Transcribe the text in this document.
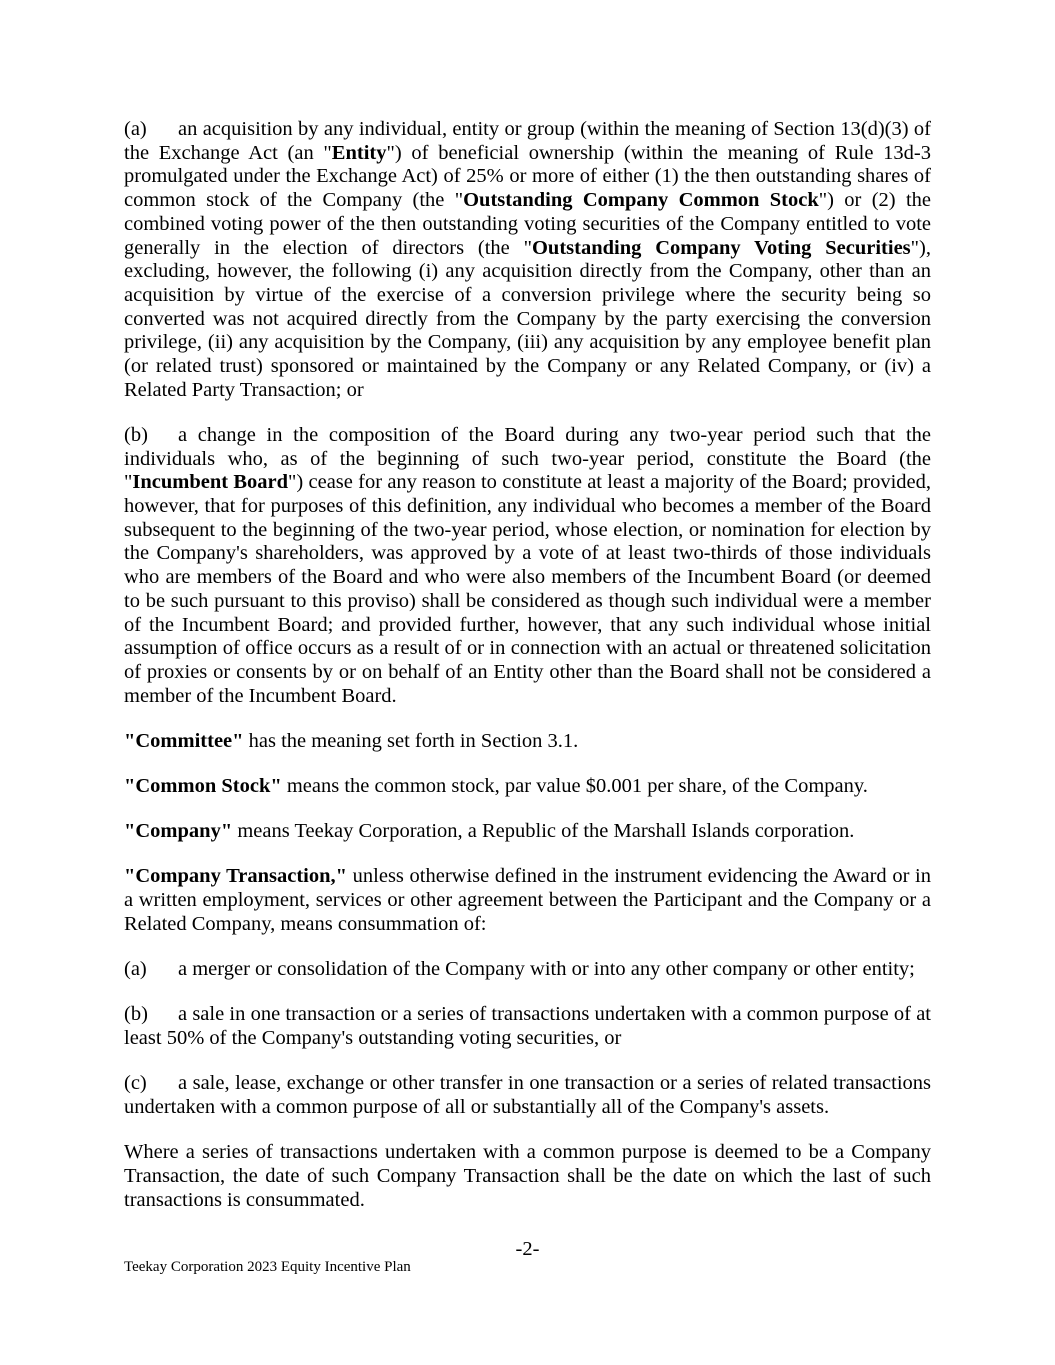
(a) an acquisition by any individual, entity or group (within the meaning of Section 13(d)(3) of the Exchange Act (an "Entity") of beneficial ownership (within the meaning of Rule 13d-3 promulgated under the Exchange Act) of 25% or more of either (1) the then outstanding shares of common stock of the Company (the "Outstanding Company Common Stock") or (2) the combined voting power of the then outstanding voting securities of the Company entitled to vote generally in the election of directors (the "Outstanding Company Voting Securities"), excluding, however, the following (i) any acquisition directly from the Company, other than an acquisition by virtue of the exercise of a conversion privilege where the security being so converted was not acquired directly from the Company by the party exercising the conversion privilege, (ii) any acquisition by the Company, (iii) any acquisition by any employee benefit plan (or related trust) sponsored or maintained by the Company or any Related Company, or (iv) a Related Party Transaction; or

(b) a change in the composition of the Board during any two-year period such that the individuals who, as of the beginning of such two-year period, constitute the Board (the "Incumbent Board") cease for any reason to constitute at least a majority of the Board; provided, however, that for purposes of this definition, any individual who becomes a member of the Board subsequent to the beginning of the two-year period, whose election, or nomination for election by the Company's shareholders, was approved by a vote of at least two-thirds of those individuals who are members of the Board and who were also members of the Incumbent Board (or deemed to be such pursuant to this proviso) shall be considered as though such individual were a member of the Incumbent Board; and provided further, however, that any such individual whose initial assumption of office occurs as a result of or in connection with an actual or threatened solicitation of proxies or consents by or on behalf of an Entity other than the Board shall not be considered a member of the Incumbent Board.

"Committee" has the meaning set forth in Section 3.1.

"Common Stock" means the common stock, par value $0.001 per share, of the Company.

"Company" means Teekay Corporation, a Republic of the Marshall Islands corporation.

"Company Transaction," unless otherwise defined in the instrument evidencing the Award or in a written employment, services or other agreement between the Participant and the Company or a Related Company, means consummation of:

(a) a merger or consolidation of the Company with or into any other company or other entity;

(b) a sale in one transaction or a series of transactions undertaken with a common purpose of at least 50% of the Company's outstanding voting securities, or

(c) a sale, lease, exchange or other transfer in one transaction or a series of related transactions undertaken with a common purpose of all or substantially all of the Company's assets.

Where a series of transactions undertaken with a common purpose is deemed to be a Company Transaction, the date of such Company Transaction shall be the date on which the last of such transactions is consummated.

-2-
Teekay Corporation 2023 Equity Incentive Plan
